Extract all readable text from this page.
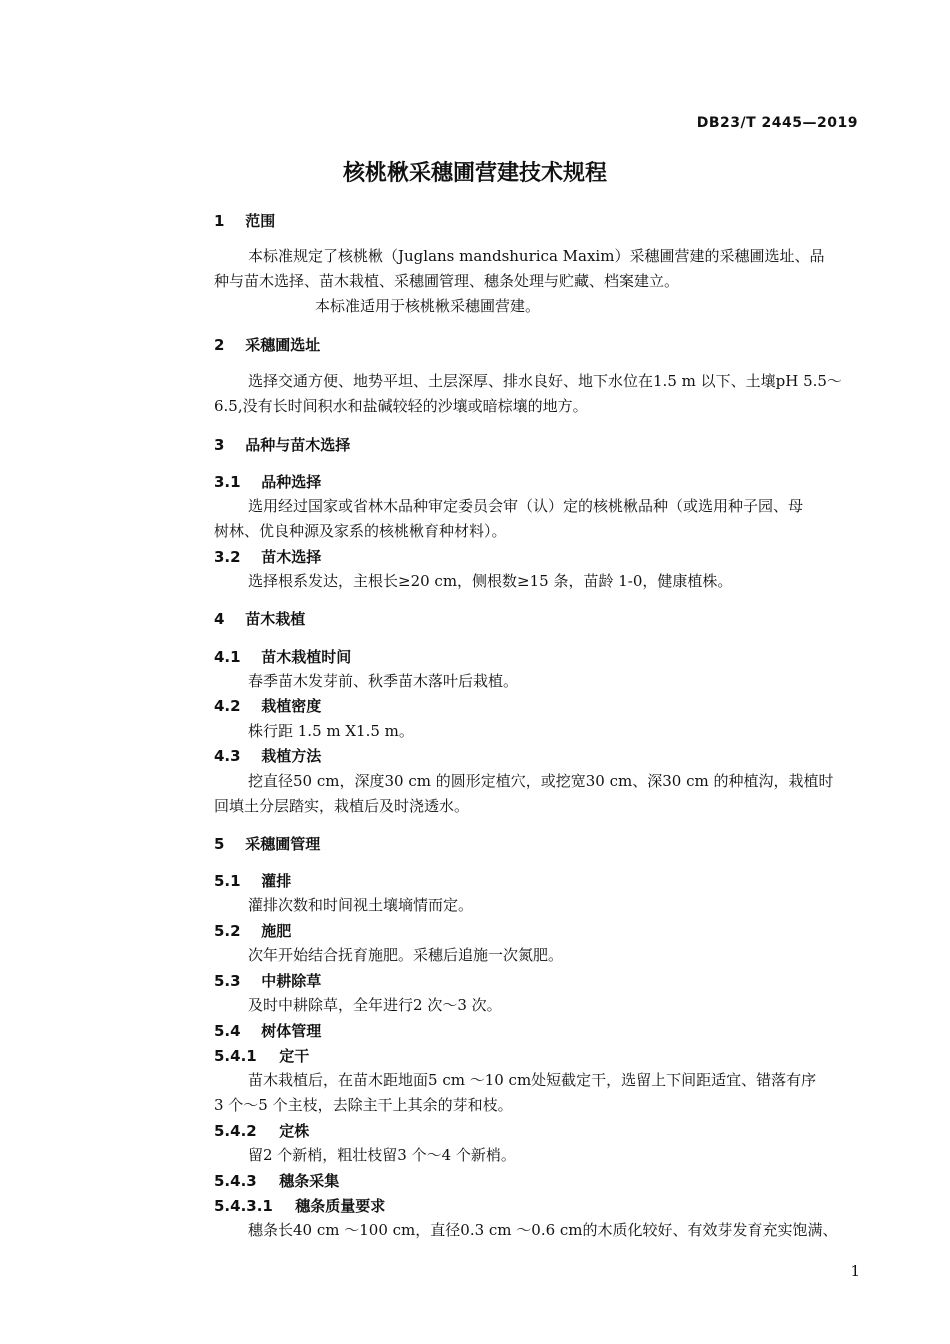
DB23/T 2445—2019
核桃楸采穗圃营建技术规程
1 范围
本标准规定了核桃楸（Juglans mandshurica Maxim）采穗圃营建的采穗圃选址、品
种与苗木选择、苗木栽植、采穗圃管理、穗条处理与贮藏、档案建立。
本标准适用于核桃楸采穗圃营建。
2 采穗圃选址
选择交通方便、地势平坦、土层深厚、排水良好、地下水位在1.5 m 以下、土壤pH 5.5～
6.5,没有长时间积水和盐碱较轻的沙壤或暗棕壤的地方。
3 品种与苗木选择
3.1 品种选择
选用经过国家或省林木品种审定委员会审（认）定的核桃楸品种（或选用种子园、母
树林、优良种源及家系的核桃楸育种材料）。
3.2 苗木选择
选择根系发达，主根长≥20 cm，侧根数≥15 条，苗龄 1-0，健康植株。
4 苗木栽植
4.1 苗木栽植时间
春季苗木发芽前、秋季苗木落叶后栽植。
4.2 栽植密度
株行距 1.5 m X1.5 m。
4.3 栽植方法
挖直径50 cm，深度30 cm 的圆形定植穴，或挖宽30 cm、深30 cm 的种植沟，栽植时
回填土分层踏实，栽植后及时浇透水。
5 采穗圃管理
5.1 灌排
灌排次数和时间视土壤墒情而定。
5.2 施肥
次年开始结合抚育施肥。采穗后追施一次氮肥。
5.3 中耕除草
及时中耕除草，全年进行2 次～3 次。
5.4 树体管理
5.4.1 定干
苗木栽植后，在苗木距地面5 cm ～10 cm处短截定干，选留上下间距适宜、错落有序
3 个～5 个主枝，去除主干上其余的芽和枝。
5.4.2 定株
留2 个新梢，粗壮枝留3 个～4 个新梢。
5.4.3 穗条采集
5.4.3.1 穗条质量要求
穗条长40 cm ～100 cm，直径0.3 cm ～0.6 cm的木质化较好、有效芽发育充实饱满、
1
